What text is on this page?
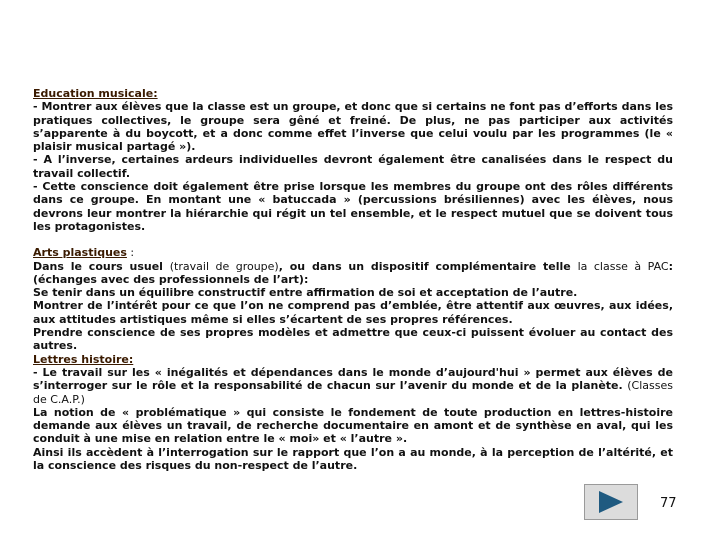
Education musicale:

- Montrer aux élèves que la classe est un groupe, et donc que si certains ne font pas d’efforts dans les pratiques collectives, le groupe sera gêné et freiné. De plus, ne pas participer aux activités s’apparente à du boycott, et a donc comme effet l’inverse que celui voulu par les programmes (le « plaisir musical partagé »).

- A l’inverse, certaines ardeurs individuelles devront également être canalisées dans le respect du travail collectif.

- Cette conscience doit également être prise lorsque les membres du groupe ont des rôles différents dans ce groupe. En montant une « batuccada » (percussions brésiliennes) avec les élèves, nous devrons leur montrer la hiérarchie qui régit un tel ensemble, et le respect mutuel que se doivent tous les protagonistes.

Arts plastiques :

Dans le cours usuel (travail de groupe), ou dans un dispositif complémentaire telle la classe à PAC: (échanges avec des professionnels de l’art):

Se tenir dans un équilibre constructif entre affirmation de soi et acceptation de l’autre.

Montrer de l’intérêt pour ce que l’on ne comprend pas d’emblée, être attentif aux œuvres, aux idées, aux attitudes artistiques même si elles s’écartent de ses propres références.

Prendre conscience de ses propres modèles et admettre que ceux-ci puissent évoluer au contact des autres.

Lettres histoire:

- Le travail sur les « inégalités et dépendances dans le monde d’aujourd'hui » permet aux élèves de s’interroger sur le rôle et la responsabilité de chacun sur l’avenir du monde et de la planète. (Classes de C.A.P.)

La notion de « problématique » qui consiste le fondement de toute production en lettres-histoire demande aux élèves un travail, de recherche documentaire en amont et de synthèse en aval, qui les conduit à une mise en relation entre le « moi» et « l’autre ».

Ainsi ils accèdent à l’interrogation sur le rapport que l’on a au monde, à la perception de l’altérité, et la conscience des risques du non-respect de l’autre.

77
